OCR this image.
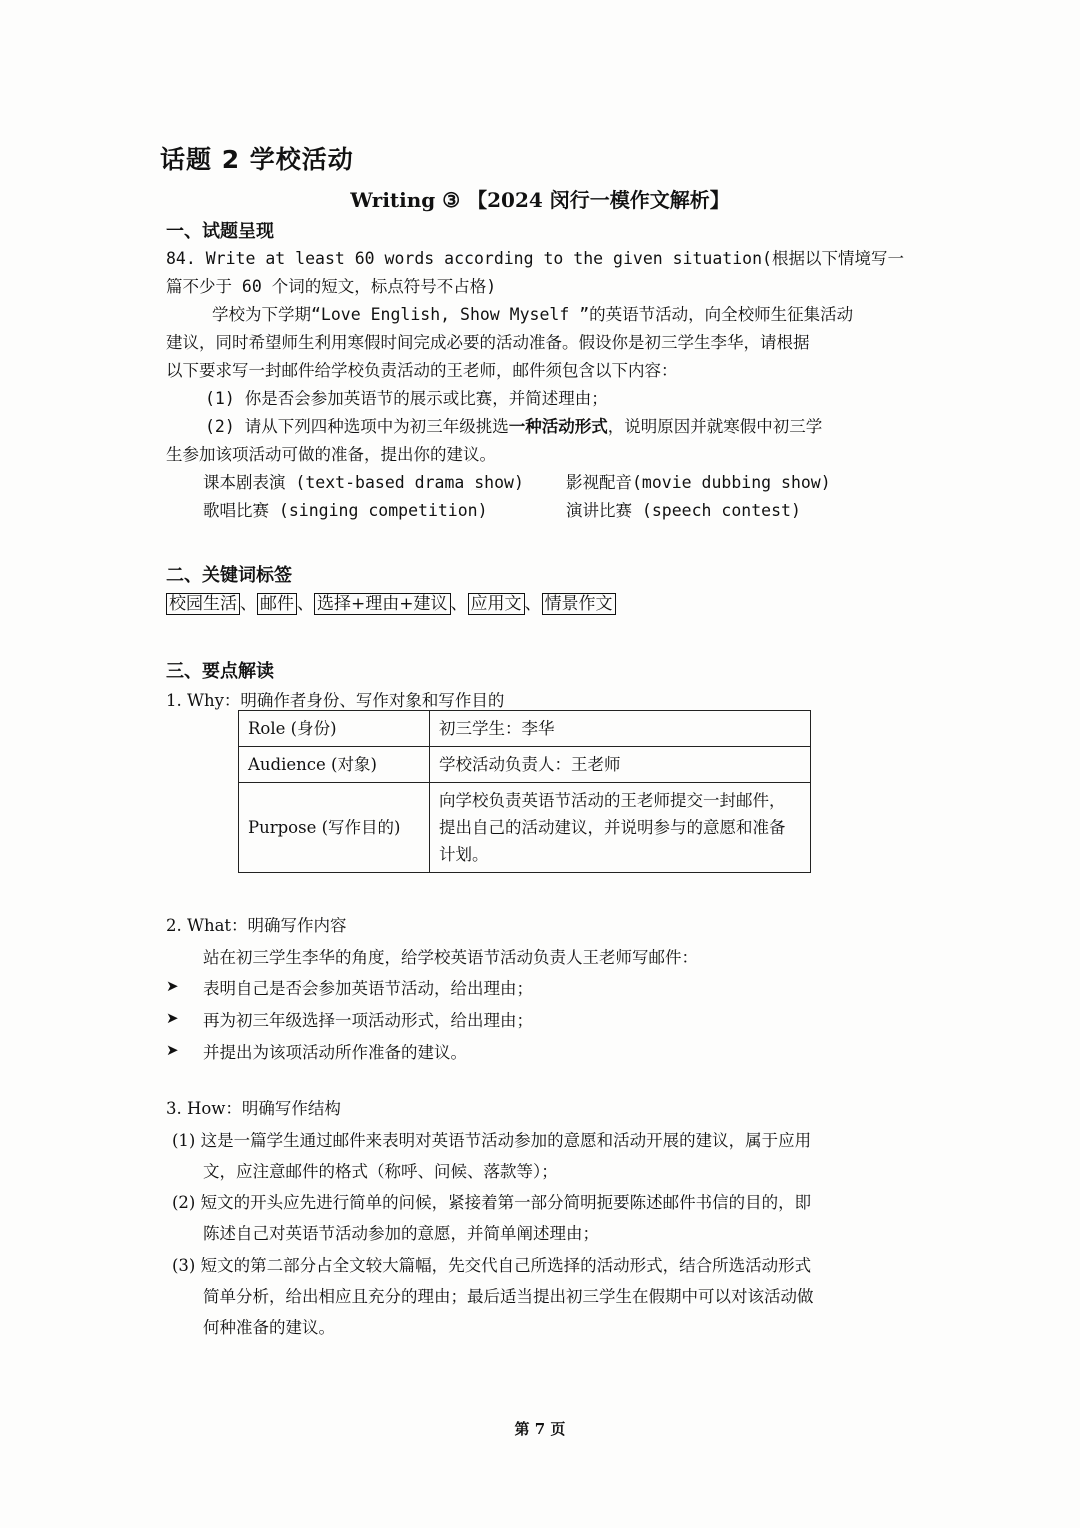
话题 2 学校活动
Writing ③ 【2024 闵行一模作文解析】
一、试题呈现
84. Write at least 60 words according to the given situation(根据以下情境写一
篇不少于 60 个词的短文，标点符号不占格)
学校为下学期“Love English, Show Myself ”的英语节活动，向全校师生征集活动
建议，同时希望师生利用寒假时间完成必要的活动准备。假设你是初三学生李华，请根据
以下要求写一封邮件给学校负责活动的王老师，邮件须包含以下内容：
(1) 你是否会参加英语节的展示或比赛，并简述理由；
(2) 请从下列四种选项中为初三年级挑选一种活动形式，说明原因并就寒假中初三学
生参加该项活动可做的准备，提出你的建议。
课本剧表演 (text-based drama show)	影视配音(movie dubbing show)
歌唱比赛 (singing competition)	演讲比赛 (speech contest)
二、关键词标签
校园生活 、 邮件 、 选择+理由+建议 、 应用文 、 情景作文
三、要点解读
1. Why：明确作者身份、写作对象和写作目的
Role (身份)	初三学生：李华
Audience (对象)	学校活动负责人：王老师
Purpose (写作目的)	向学校负责英语节活动的王老师提交一封邮件，提出自己的活动建议，并说明参与的意愿和准备计划。
2. What：明确写作内容
站在初三学生李华的角度，给学校英语节活动负责人王老师写邮件：
➤ 表明自己是否会参加英语节活动，给出理由；
➤ 再为初三年级选择一项活动形式，给出理由；
➤ 并提出为该项活动所作准备的建议。
3. How：明确写作结构
(1) 这是一篇学生通过邮件来表明对英语节活动参加的意愿和活动开展的建议，属于应用
文，应注意邮件的格式（称呼、问候、落款等）；
(2) 短文的开头应先进行简单的问候，紧接着第一部分简明扼要陈述邮件书信的目的，即
陈述自己对英语节活动参加的意愿，并简单阐述理由；
(3) 短文的第二部分占全文较大篇幅，先交代自己所选择的活动形式，结合所选活动形式
简单分析，给出相应且充分的理由；最后适当提出初三学生在假期中可以对该活动做
何种准备的建议。
第 7 页
